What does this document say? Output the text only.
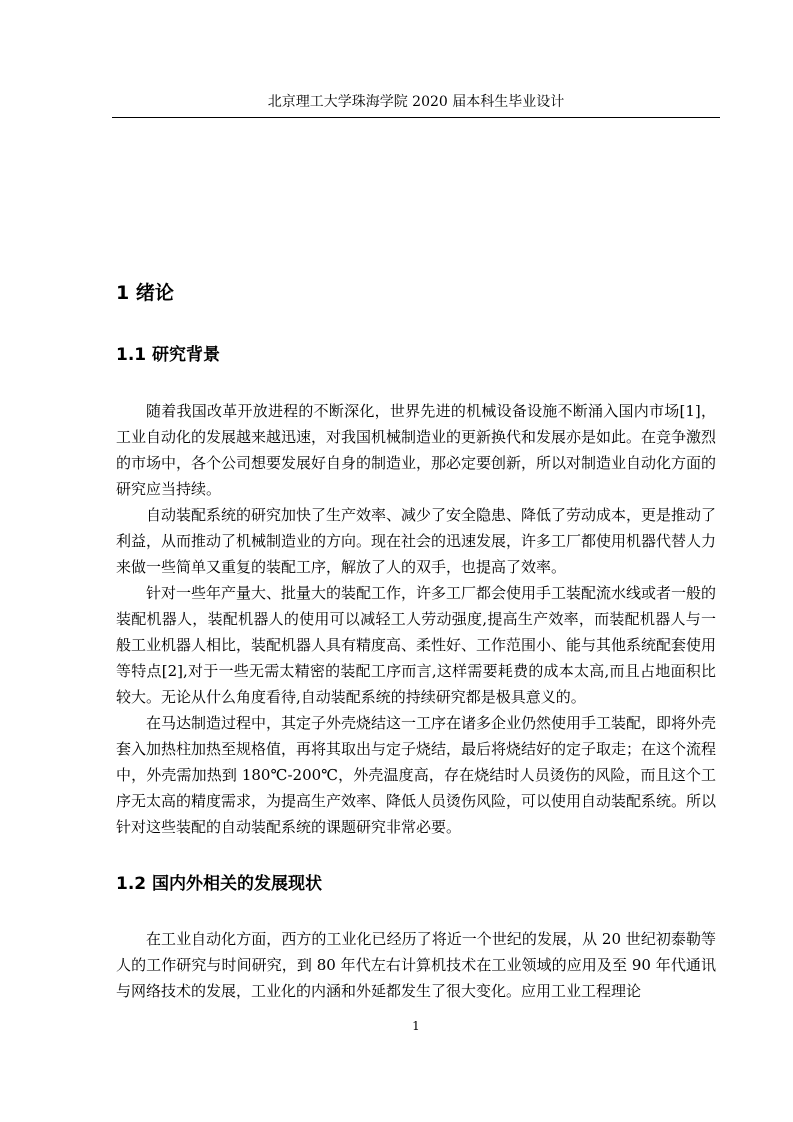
北京理工大学珠海学院 2020 届本科生毕业设计
1 绪论
1.1 研究背景

随着我国改革开放进程的不断深化，世界先进的机械设备设施不断涌入国内市场[1]，工业自动化的发展越来越迅速，对我国机械制造业的更新换代和发展亦是如此。在竞争激烈的市场中，各个公司想要发展好自身的制造业，那必定要创新，所以对制造业自动化方面的研究应当持续。

自动装配系统的研究加快了生产效率、减少了安全隐患、降低了劳动成本，更是推动了利益，从而推动了机械制造业的方向。现在社会的迅速发展，许多工厂都使用机器代替人力来做一些简单又重复的装配工序，解放了人的双手，也提高了效率。

针对一些年产量大、批量大的装配工作，许多工厂都会使用手工装配流水线或者一般的装配机器人，装配机器人的使用可以减轻工人劳动强度,提高生产效率，而装配机器人与一般工业机器人相比，装配机器人具有精度高、柔性好、工作范围小、能与其他系统配套使用等特点[2],对于一些无需太精密的装配工序而言,这样需要耗费的成本太高,而且占地面积比较大。无论从什么角度看待,自动装配系统的持续研究都是极具意义的。

在马达制造过程中，其定子外壳烧结这一工序在诸多企业仍然使用手工装配，即将外壳套入加热柱加热至规格值，再将其取出与定子烧结，最后将烧结好的定子取走；在这个流程中，外壳需加热到 180℃-200℃，外壳温度高，存在烧结时人员烫伤的风险，而且这个工序无太高的精度需求，为提高生产效率、降低人员烫伤风险，可以使用自动装配系统。所以针对这些装配的自动装配系统的课题研究非常必要。

1.2 国内外相关的发展现状

在工业自动化方面，西方的工业化已经历了将近一个世纪的发展，从 20 世纪初泰勒等人的工作研究与时间研究，到 80 年代左右计算机技术在工业领域的应用及至 90 年代通讯与网络技术的发展，工业化的内涵和外延都发生了很大变化。应用工业工程理论

1
